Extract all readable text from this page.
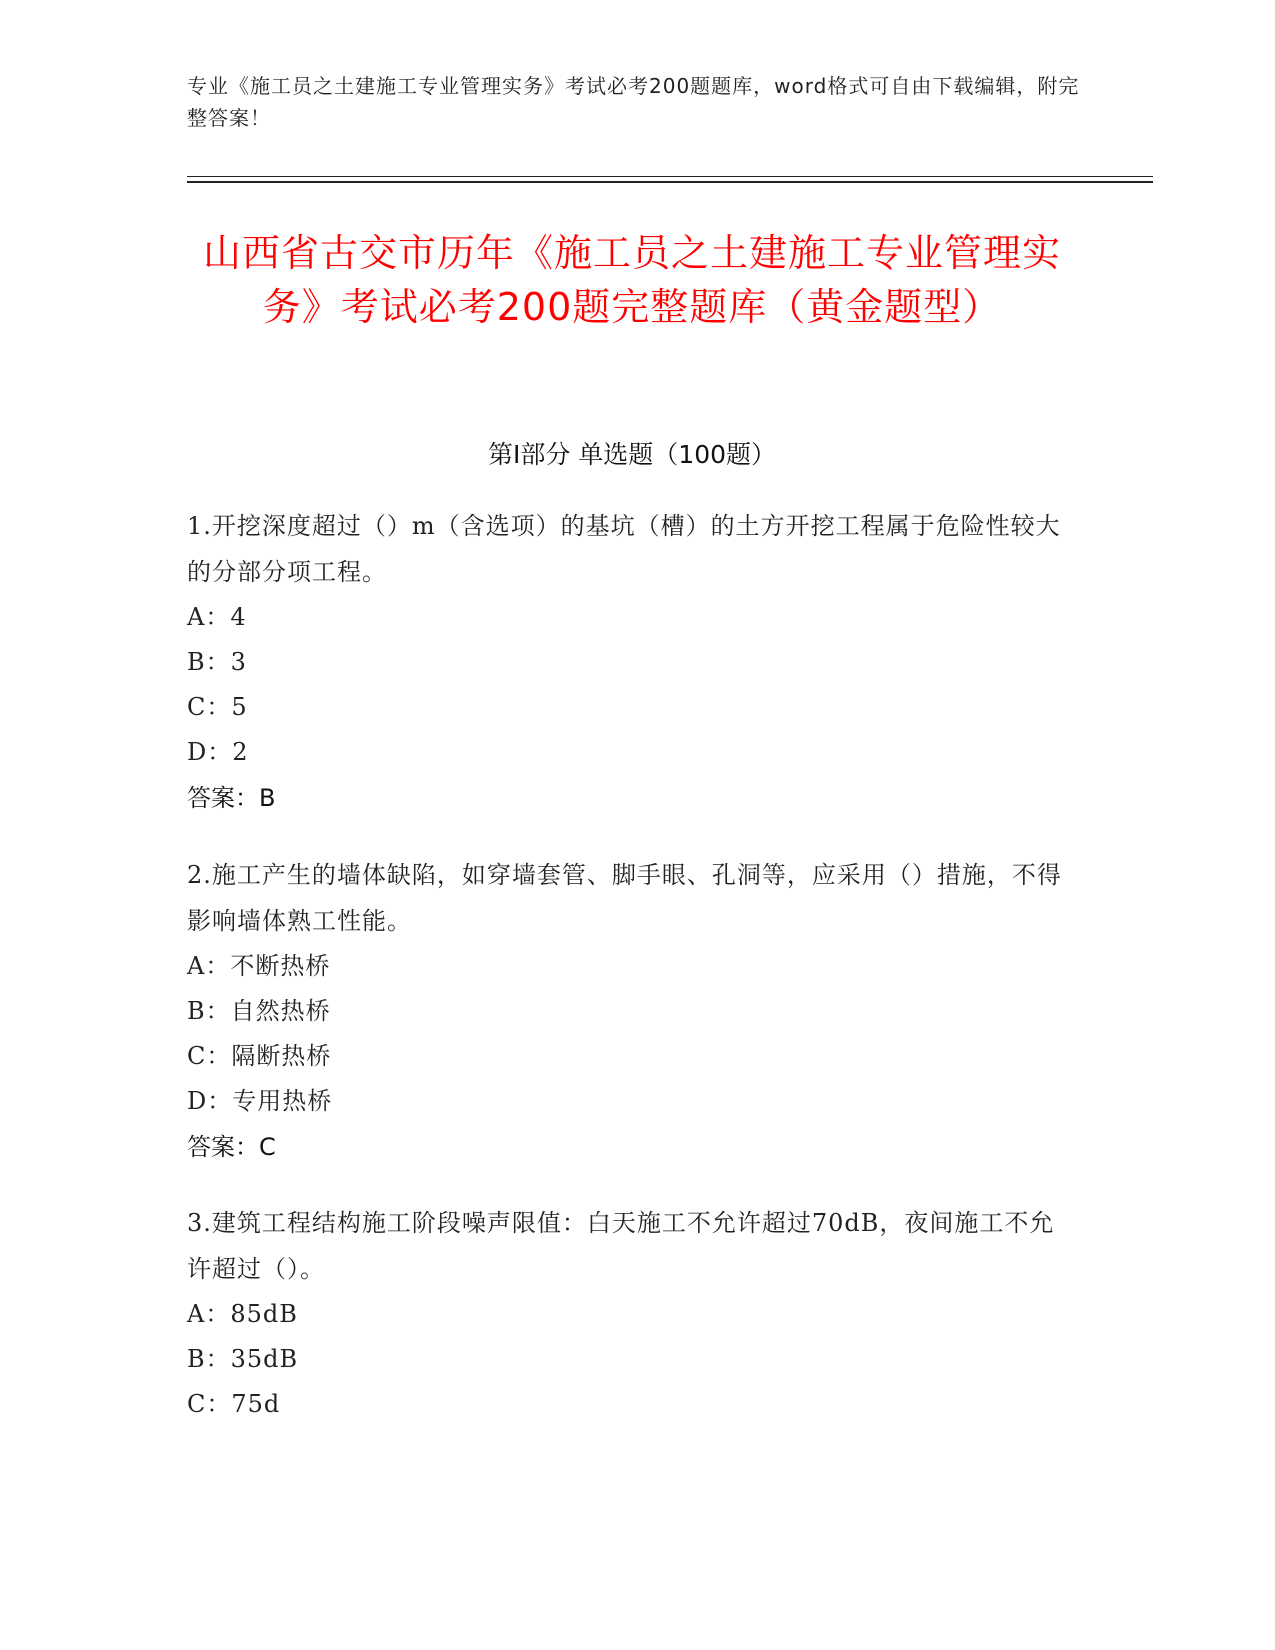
专业《施工员之土建施工专业管理实务》考试必考200题题库，word格式可自由下载编辑，附完整答案！
山西省古交市历年《施工员之土建施工专业管理实务》考试必考200题完整题库（黄金题型）
第Ⅰ部分 单选题（100题）
1.开挖深度超过（）m（含选项）的基坑（槽）的土方开挖工程属于危险性较大的分部分项工程。
A：4
B：3
C：5
D：2
答案：B
2.施工产生的墙体缺陷，如穿墙套管、脚手眼、孔洞等，应采用（）措施，不得影响墙体熟工性能。
A：不断热桥
B：自然热桥
C：隔断热桥
D：专用热桥
答案：C
3.建筑工程结构施工阶段噪声限值：白天施工不允许超过70dB，夜间施工不允许超过（）。
A：85dB
B：35dB
C：75d
